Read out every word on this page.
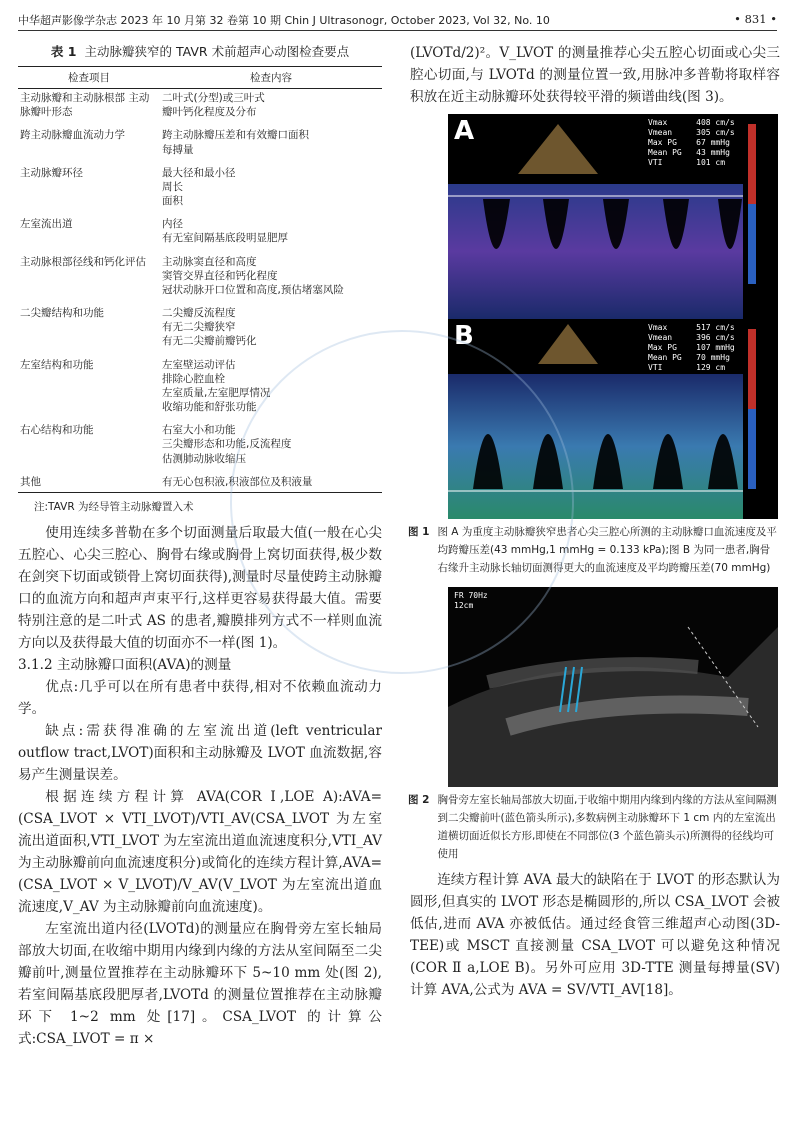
中华超声影像学杂志 2023 年 10 月第 32 卷第 10 期 Chin J Ultrasonogr, October 2023, Vol 32, No. 10	• 831 •
表 1 主动脉瓣狭窄的 TAVR 术前超声心动图检查要点
检查项目	检查内容
主动脉瓣和主动脉根部 主动脉瓣叶形态	二叶式(分型)或三叶式
瓣叶钙化程度及分布

跨主动脉瓣血流动力学	跨主动脉瓣压差和有效瓣口面积
每搏量

主动脉瓣环径	最大径和最小径
周长
面积

左室流出道	内径
有无室间隔基底段明显肥厚

主动脉根部径线和钙化评估	主动脉窦直径和高度
窦管交界直径和钙化程度
冠状动脉开口位置和高度,预估堵塞风险

二尖瓣结构和功能	二尖瓣反流程度
有无二尖瓣狭窄
有无二尖瓣前瓣钙化

左室结构和功能	左室壁运动评估
排除心腔血栓
左室质量,左室肥厚情况
收缩功能和舒张功能

右心结构和功能	右室大小和功能
三尖瓣形态和功能,反流程度
估测肺动脉收缩压

其他	有无心包积液,积液部位及积液量
注:TAVR 为经导管主动脉瓣置入术

使用连续多普勒在多个切面测量后取最大值(一般在心尖五腔心、心尖三腔心、胸骨右缘或胸骨上窝切面获得,极少数在剑突下切面或锁骨上窝切面获得),测量时尽量使跨主动脉瓣口的血流方向和超声声束平行,这样更容易获得最大值。需要特别注意的是二叶式 AS 的患者,瓣膜排列方式不一样则血流方向以及获得最大值的切面亦不一样(图 1)。

3.1.2 主动脉瓣口面积(AVA)的测量

优点:几乎可以在所有患者中获得,相对不依赖血流动力学。

缺点:需获得准确的左室流出道(left ventricular outflow tract,LVOT)面积和主动脉瓣及 LVOT 血流数据,容易产生测量误差。

根据连续方程计算 AVA(COR Ⅰ,LOE A):AVA=(CSA_LVOT × VTI_LVOT)/VTI_AV(CSA_LVOT 为左室流出道面积,VTI_LVOT 为左室流出道血流速度积分,VTI_AV 为主动脉瓣前向血流速度积分)或简化的连续方程计算,AVA=(CSA_LVOT × V_LVOT)/V_AV(V_LVOT 为左室流出道血流速度,V_AV 为主动脉瓣前向血流速度)。

左室流出道内径(LVOTd)的测量应在胸骨旁左室长轴局部放大切面,在收缩中期用内缘到内缘的方法从室间隔至二尖瓣前叶,测量位置推荐在主动脉瓣环下 5~10 mm 处(图 2),若室间隔基底段肥厚者,LVOTd 的测量位置推荐在主动脉瓣环下 1~2 mm 处[17]。CSA_LVOT 的计算公式:CSA_LVOT = π ×

(LVOTd/2)²。V_LVOT 的测量推荐心尖五腔心切面或心尖三腔心切面,与 LVOTd 的测量位置一致,用脉冲多普勒将取样容积放在近主动脉瓣环处获得较平滑的频谱曲线(图 3)。

A	Vmax      408 cm/s
Vmean     305 cm/s
Max PG    67 mmHg
Mean PG   43 mmHg
VTI       101 cm
B	Vmax      517 cm/s
Vmean     396 cm/s
Max PG    107 mmHg
Mean PG   70 mmHg
VTI       129 cm
图 1 图 A 为重度主动脉瓣狭窄患者心尖三腔心所测的主动脉瓣口血流速度及平均跨瓣压差(43 mmHg,1 mmHg = 0.133 kPa);图 B 为同一患者,胸骨右缘升主动脉长轴切面测得更大的血流速度及平均跨瓣压差(70 mmHg)
FR 70Hz
12cm
图 2 胸骨旁左室长轴局部放大切面,于收缩中期用内缘到内缘的方法从室间隔测到二尖瓣前叶(蓝色箭头所示),多数病例主动脉瓣环下 1 cm 内的左室流出道横切面近似长方形,即使在不同部位(3 个蓝色箭头示)所测得的径线均可使用

连续方程计算 AVA 最大的缺陷在于 LVOT 的形态默认为圆形,但真实的 LVOT 形态是椭圆形的,所以 CSA_LVOT 会被低估,进而 AVA 亦被低估。通过经食管三维超声心动图(3D-TEE)或 MSCT 直接测量 CSA_LVOT 可以避免这种情况(COR Ⅱ a,LOE B)。另外可应用 3D-TTE 测量每搏量(SV)计算 AVA,公式为 AVA = SV/VTI_AV[18]。
